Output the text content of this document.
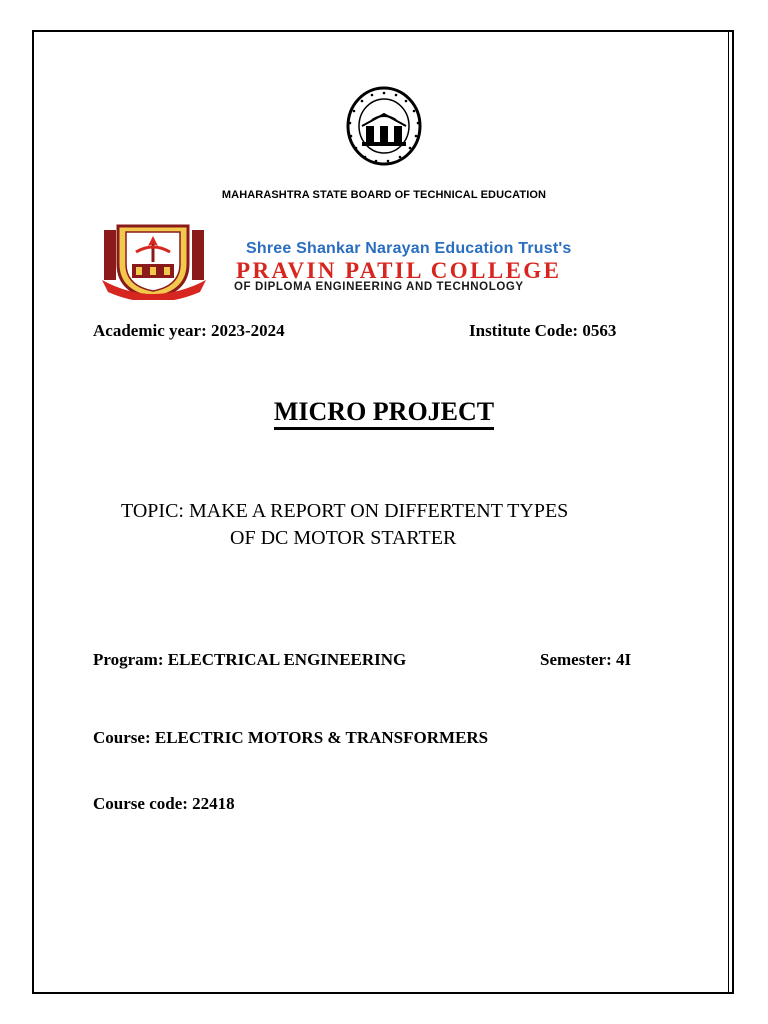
MAHARASHTRA STATE BOARD OF TECHNICAL EDUCATION
Shree Shankar Narayan Education Trust's
PRAVIN PATIL COLLEGE
OF DIPLOMA ENGINEERING AND TECHNOLOGY
Academic year: 2023-2024	Institute Code: 0563
MICRO PROJECT
TOPIC: MAKE A REPORT ON DIFFERTENT TYPES
OF DC MOTOR STARTER
Program: ELECTRICAL ENGINEERING	Semester: 4I
Course: ELECTRIC MOTORS & TRANSFORMERS
Course code: 22418
